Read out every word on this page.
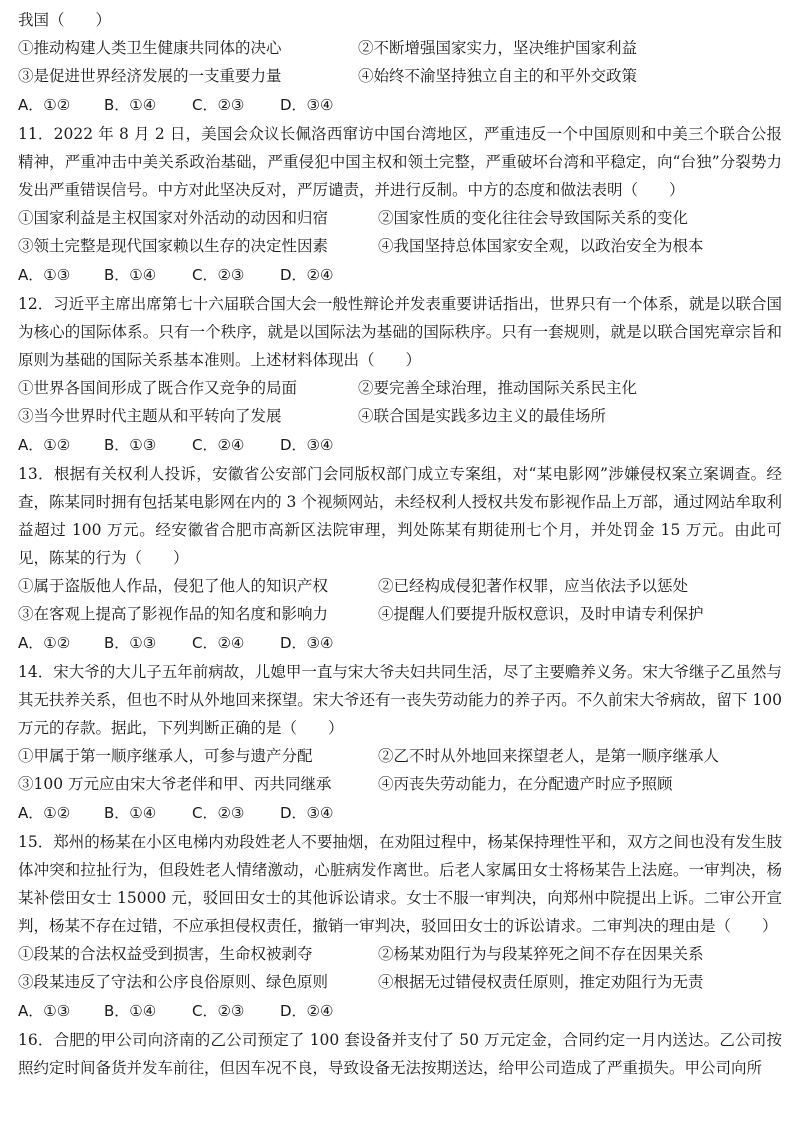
我国（　　）
①推动构建人类卫生健康共同体的决心	②不断增强国家实力，坚决维护国家利益
③是促进世界经济发展的一支重要力量	④始终不渝坚持独立自主的和平外交政策
A．①②	B．①④	C．②③	D．③④
11．2022 年 8 月 2 日，美国会众议长佩洛西窜访中国台湾地区，严重违反一个中国原则和中美三个联合公报精神，严重冲击中美关系政治基础，严重侵犯中国主权和领土完整，严重破坏台湾和平稳定，向“台独”分裂势力发出严重错误信号。中方对此坚决反对，严厉谴责，并进行反制。中方的态度和做法表明（　　）
①国家利益是主权国家对外活动的动因和归宿	②国家性质的变化往往会导致国际关系的变化
③领土完整是现代国家赖以生存的决定性因素	④我国坚持总体国家安全观，以政治安全为根本
A．①③	B．①④	C．②③	D．②④
12．习近平主席出席第七十六届联合国大会一般性辩论并发表重要讲话指出，世界只有一个体系，就是以联合国为核心的国际体系。只有一个秩序，就是以国际法为基础的国际秩序。只有一套规则，就是以联合国宪章宗旨和原则为基础的国际关系基本准则。上述材料体现出（　　）
①世界各国间形成了既合作又竞争的局面	②要完善全球治理，推动国际关系民主化
③当今世界时代主题从和平转向了发展	④联合国是实践多边主义的最佳场所
A．①②	B．①③	C．②④	D．③④
13．根据有关权利人投诉，安徽省公安部门会同版权部门成立专案组，对“某电影网”涉嫌侵权案立案调查。经查，陈某同时拥有包括某电影网在内的 3 个视频网站，未经权利人授权共发布影视作品上万部，通过网站牟取利益超过 100 万元。经安徽省合肥市高新区法院审理，判处陈某有期徒刑七个月，并处罚金 15 万元。由此可见，陈某的行为（　　）
①属于盗版他人作品，侵犯了他人的知识产权	②已经构成侵犯著作权罪，应当依法予以惩处
③在客观上提高了影视作品的知名度和影响力	④提醒人们要提升版权意识，及时申请专利保护
A．①②	B．①③	C．②④	D．③④
14．宋大爷的大儿子五年前病故，儿媳甲一直与宋大爷夫妇共同生活，尽了主要赡养义务。宋大爷继子乙虽然与其无扶养关系，但也不时从外地回来探望。宋大爷还有一丧失劳动能力的养子丙。不久前宋大爷病故，留下 100 万元的存款。据此，下列判断正确的是（　　）
①甲属于第一顺序继承人，可参与遗产分配	②乙不时从外地回来探望老人，是第一顺序继承人
③100 万元应由宋大爷老伴和甲、丙共同继承	④丙丧失劳动能力，在分配遗产时应予照顾
A．①②	B．①④	C．②③	D．③④
15．郑州的杨某在小区电梯内劝段姓老人不要抽烟，在劝阻过程中，杨某保持理性平和，双方之间也没有发生肢体冲突和拉扯行为，但段姓老人情绪激动，心脏病发作离世。后老人家属田女士将杨某告上法庭。一审判决，杨某补偿田女士 15000 元，驳回田女士的其他诉讼请求。女士不服一审判决，向郑州中院提出上诉。二审公开宣判，杨某不存在过错，不应承担侵权责任，撤销一审判决，驳回田女士的诉讼请求。二审判决的理由是（　　）
①段某的合法权益受到损害，生命权被剥夺	②杨某劝阻行为与段某猝死之间不存在因果关系
③段某违反了守法和公序良俗原则、绿色原则	④根据无过错侵权责任原则，推定劝阻行为无责
A．①③	B．①④	C．②③	D．②④
16．合肥的甲公司向济南的乙公司预定了 100 套设备并支付了 50 万元定金，合同约定一月内送达。乙公司按照约定时间备货并发车前往，但因车况不良，导致设备无法按期送达，给甲公司造成了严重损失。甲公司向所
